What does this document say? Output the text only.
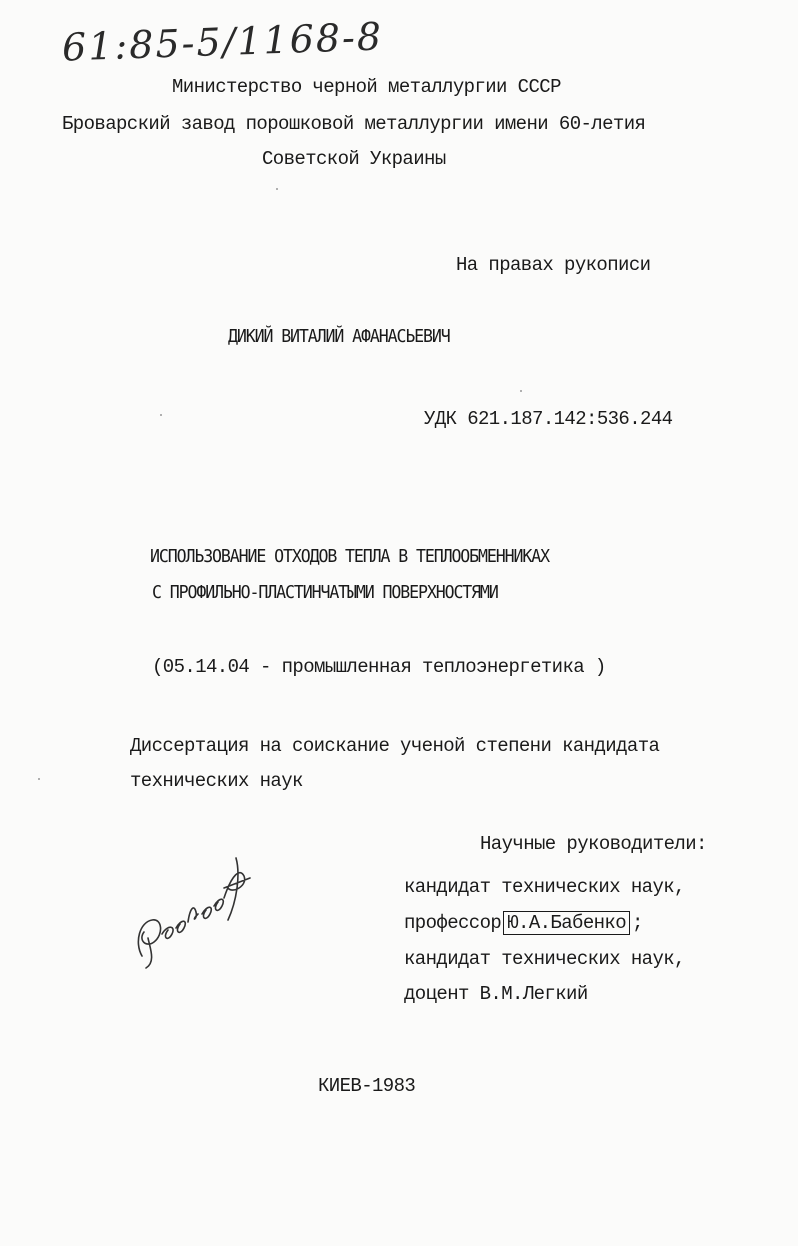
61:85-5/1168-8
Министерство черной металлургии СССР
Броварский завод порошковой металлургии имени 60-летия
Советской Украины
На правах рукописи
ДИКИЙ ВИТАЛИЙ АФАНАСЬЕВИЧ
УДК 621.187.142:536.244
ИСПОЛЬЗОВАНИЕ ОТХОДОВ ТЕПЛА В ТЕПЛООБМЕННИКАХ
С ПРОФИЛЬНО-ПЛАСТИНЧАТЫМИ ПОВЕРХНОСТЯМИ
(05.14.04 - промышленная теплоэнергетика )
Диссертация на соискание ученой степени кандидата
технических наук
Научные руководители:
кандидат технических наук,
профессор Ю.А.Бабенко ;
кандидат технических наук,
доцент В.М.Легкий
КИЕВ-1983
